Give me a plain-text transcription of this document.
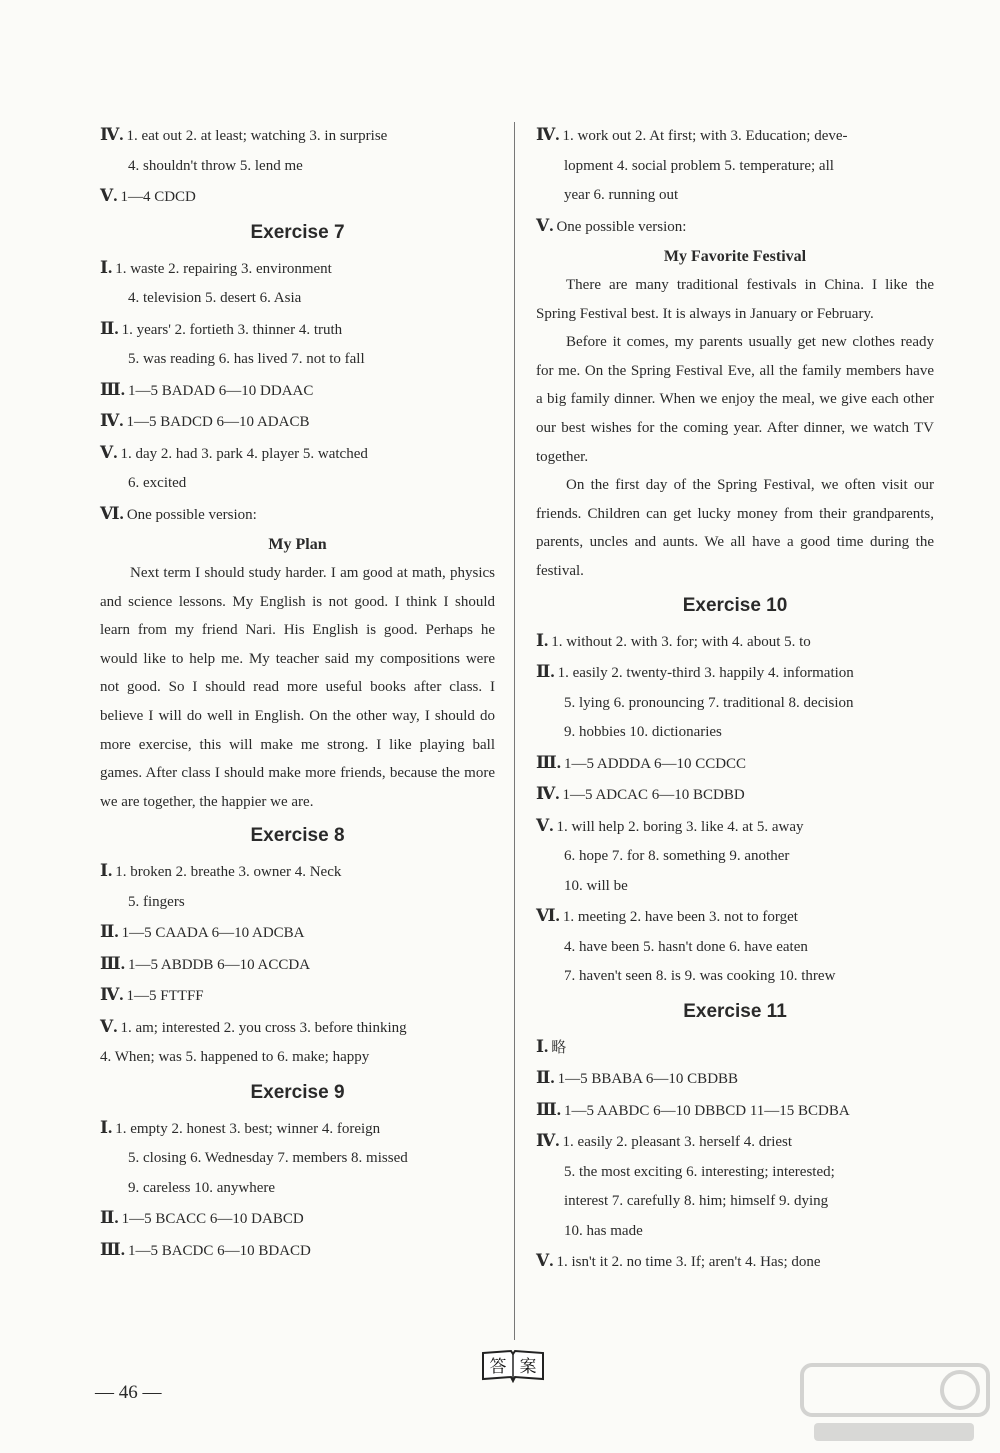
Ⅳ. 1. eat out 2. at least; watching 3. in surprise
4. shouldn't throw 5. lend me
Ⅴ. 1—4 CDCD
Exercise 7
Ⅰ. 1. waste 2. repairing 3. environment
4. television 5. desert 6. Asia
Ⅱ. 1. years' 2. fortieth 3. thinner 4. truth
5. was reading 6. has lived 7. not to fall
Ⅲ. 1—5 BADAD 6—10 DDAAC
Ⅳ. 1—5 BADCD 6—10 ADACB
Ⅴ. 1. day 2. had 3. park 4. player 5. watched
6. excited
Ⅵ. One possible version:
My Plan
Next term I should study harder. I am good at math, physics and science lessons. My English is not good. I think I should learn from my friend Nari. His English is good. Perhaps he would like to help me. My teacher said my compositions were not good. So I should read more useful books after class. I believe I will do well in English. On the other way, I should do more exercise, this will make me strong. I like playing ball games. After class I should make more friends, because the more we are together, the happier we are.
Exercise 8
Ⅰ. 1. broken 2. breathe 3. owner 4. Neck
5. fingers
Ⅱ. 1—5 CAADA 6—10 ADCBA
Ⅲ. 1—5 ABDDB 6—10 ACCDA
Ⅳ. 1—5 FTTFF
Ⅴ. 1. am; interested 2. you cross 3. before thinking
4. When; was 5. happened to 6. make; happy
Exercise 9
Ⅰ. 1. empty 2. honest 3. best; winner 4. foreign
5. closing 6. Wednesday 7. members 8. missed
9. careless 10. anywhere
Ⅱ. 1—5 BCACC 6—10 DABCD
Ⅲ. 1—5 BACDC 6—10 BDACD
Ⅳ. 1. work out 2. At first; with 3. Education; deve-
lopment 4. social problem 5. temperature; all
year 6. running out
Ⅴ. One possible version:
My Favorite Festival
There are many traditional festivals in China. I like the Spring Festival best. It is always in January or February.
Before it comes, my parents usually get new clothes ready for me. On the Spring Festival Eve, all the family members have a big family dinner. When we enjoy the meal, we give each other our best wishes for the coming year. After dinner, we watch TV together.
On the first day of the Spring Festival, we often visit our friends. Children can get lucky money from their grandparents, parents, uncles and aunts. We all have a good time during the festival.
Exercise 10
Ⅰ. 1. without 2. with 3. for; with 4. about 5. to
Ⅱ. 1. easily 2. twenty-third 3. happily 4. information
5. lying 6. pronouncing 7. traditional 8. decision
9. hobbies 10. dictionaries
Ⅲ. 1—5 ADDDA 6—10 CCDCC
Ⅳ. 1—5 ADCAC 6—10 BCDBD
Ⅴ. 1. will help 2. boring 3. like 4. at 5. away
6. hope 7. for 8. something 9. another
10. will be
Ⅵ. 1. meeting 2. have been 3. not to forget
4. have been 5. hasn't done 6. have eaten
7. haven't seen 8. is 9. was cooking 10. threw
Exercise 11
Ⅰ. 略
Ⅱ. 1—5 BBABA 6—10 CBDBB
Ⅲ. 1—5 AABDC 6—10 DBBCD 11—15 BCDBA
Ⅳ. 1. easily 2. pleasant 3. herself 4. driest
5. the most exciting 6. interesting; interested;
interest 7. carefully 8. him; himself 9. dying
10. has made
Ⅴ. 1. isn't it 2. no time 3. If; aren't 4. Has; done
— 46 —
答 案
